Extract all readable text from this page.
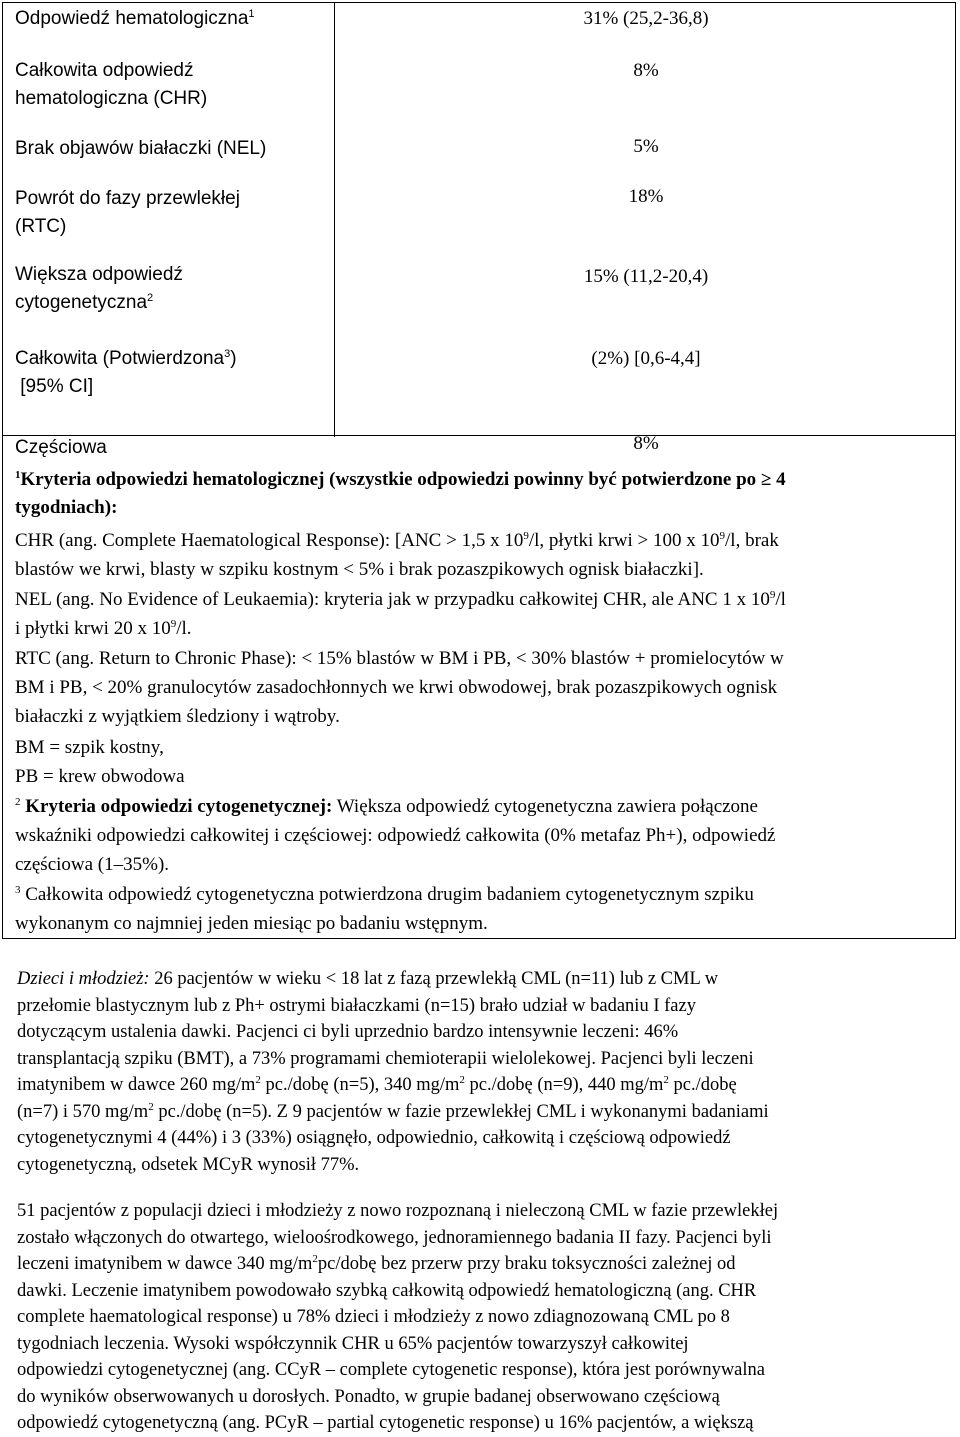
Odpowiedź hematologiczna$^1$	31% (25,2-36,8)
Całkowita odpowiedź
hematologiczna (CHR)
8%
Brak objawów białaczki (NEL)	5%
Powrót do fazy przewlekłej
(RTC)
18%
Większa odpowiedź
cytogenetyczna$^2$
15% (11,2-20,4)
Całkowita (Potwierdzona$^3$)
[95% CI]
(2%) [0,6-4,4]
Częściowa	8%
$^1$Kryteria odpowiedzi hematologicznej (wszystkie odpowiedzi powinny być potwierdzone po ≥ 4
tygodniach):
CHR (ang. Complete Haematological Response): [ANC > 1,5 x $10^9/l$, płytki krwi > 100 x $10^9/l$, brak
blastów we krwi, blasty w szpiku kostnym < 5% i brak pozaszpikowych ognisk białaczki].
NEL (ang. No Evidence of Leukaemia): kryteria jak w przypadku całkowitej CHR, ale ANC 1 x $10^9/l$
i płytki krwi 20 x $10^9/l$.
RTC (ang. Return to Chronic Phase): < 15% blastów w BM i PB, < 30% blastów + promielocytów w
BM i PB, < 20% granulocytów zasadochłonnych we krwi obwodowej, brak pozaszpikowych ognisk
białaczki z wyjątkiem śledziony i wątroby.
BM = szpik kostny,
PB = krew obwodowa
$^2$ Kryteria odpowiedzi cytogenetycznej: Większa odpowiedź cytogenetyczna zawiera połączone
wskaźniki odpowiedzi całkowitej i częściowej: odpowiedź całkowita (0% metafaz Ph+), odpowiedź
częściowa (1–35%).
$^3$ Całkowita odpowiedź cytogenetyczna potwierdzona drugim badaniem cytogenetycznym szpiku
wykonanym co najmniej jeden miesiąc po badaniu wstępnym.
Dzieci i młodzież: 26 pacjentów w wieku < 18 lat z fazą przewlekłą CML (n=11) lub z CML w
przełomie blastycznym lub z Ph+ ostrymi białaczkami (n=15) brało udział w badaniu I fazy
dotyczącym ustalenia dawki. Pacjenci ci byli uprzednio bardzo intensywnie leczeni: 46%
transplantacją szpiku (BMT), a 73% programami chemioterapii wielolekowej. Pacjenci byli leczeni
imatynibem w dawce 260 $mg/m^2$ pc./dobę (n=5), 340 $mg/m^2$ pc./dobę (n=9), 440 $mg/m^2$ pc./dobę
(n=7) i 570 $mg/m^2$ pc./dobę (n=5). Z 9 pacjentów w fazie przewlekłej CML i wykonanymi badaniami
cytogenetycznymi 4 (44%) i 3 (33%) osiągnęło, odpowiednio, całkowitą i częściową odpowiedź
cytogenetyczną, odsetek MCyR wynosił 77%.
51 pacjentów z populacji dzieci i młodzieży z nowo rozpoznaną i nieleczoną CML w fazie przewlekłej
zostało włączonych do otwartego, wieloośrodkowego, jednoramiennego badania II fazy. Pacjenci byli
leczeni imatynibem w dawce 340 $mg/m^2pc$/dobę bez przerw przy braku toksyczności zależnej od
dawki. Leczenie imatynibem powodowało szybką całkowitą odpowiedź hematologiczną (ang. CHR
complete haematological response) u 78% dzieci i młodzieży z nowo zdiagnozowaną CML po 8
tygodniach leczenia. Wysoki współczynnik CHR u 65% pacjentów towarzyszył całkowitej
odpowiedzi cytogenetycznej (ang. CCyR – complete cytogenetic response), która jest porównywalna
do wyników obserwowanych u dorosłych. Ponadto, w grupie badanej obserwowano częściową
odpowiedź cytogenetyczną (ang. PCyR – partial cytogenetic response) u 16% pacjentów, a większą
